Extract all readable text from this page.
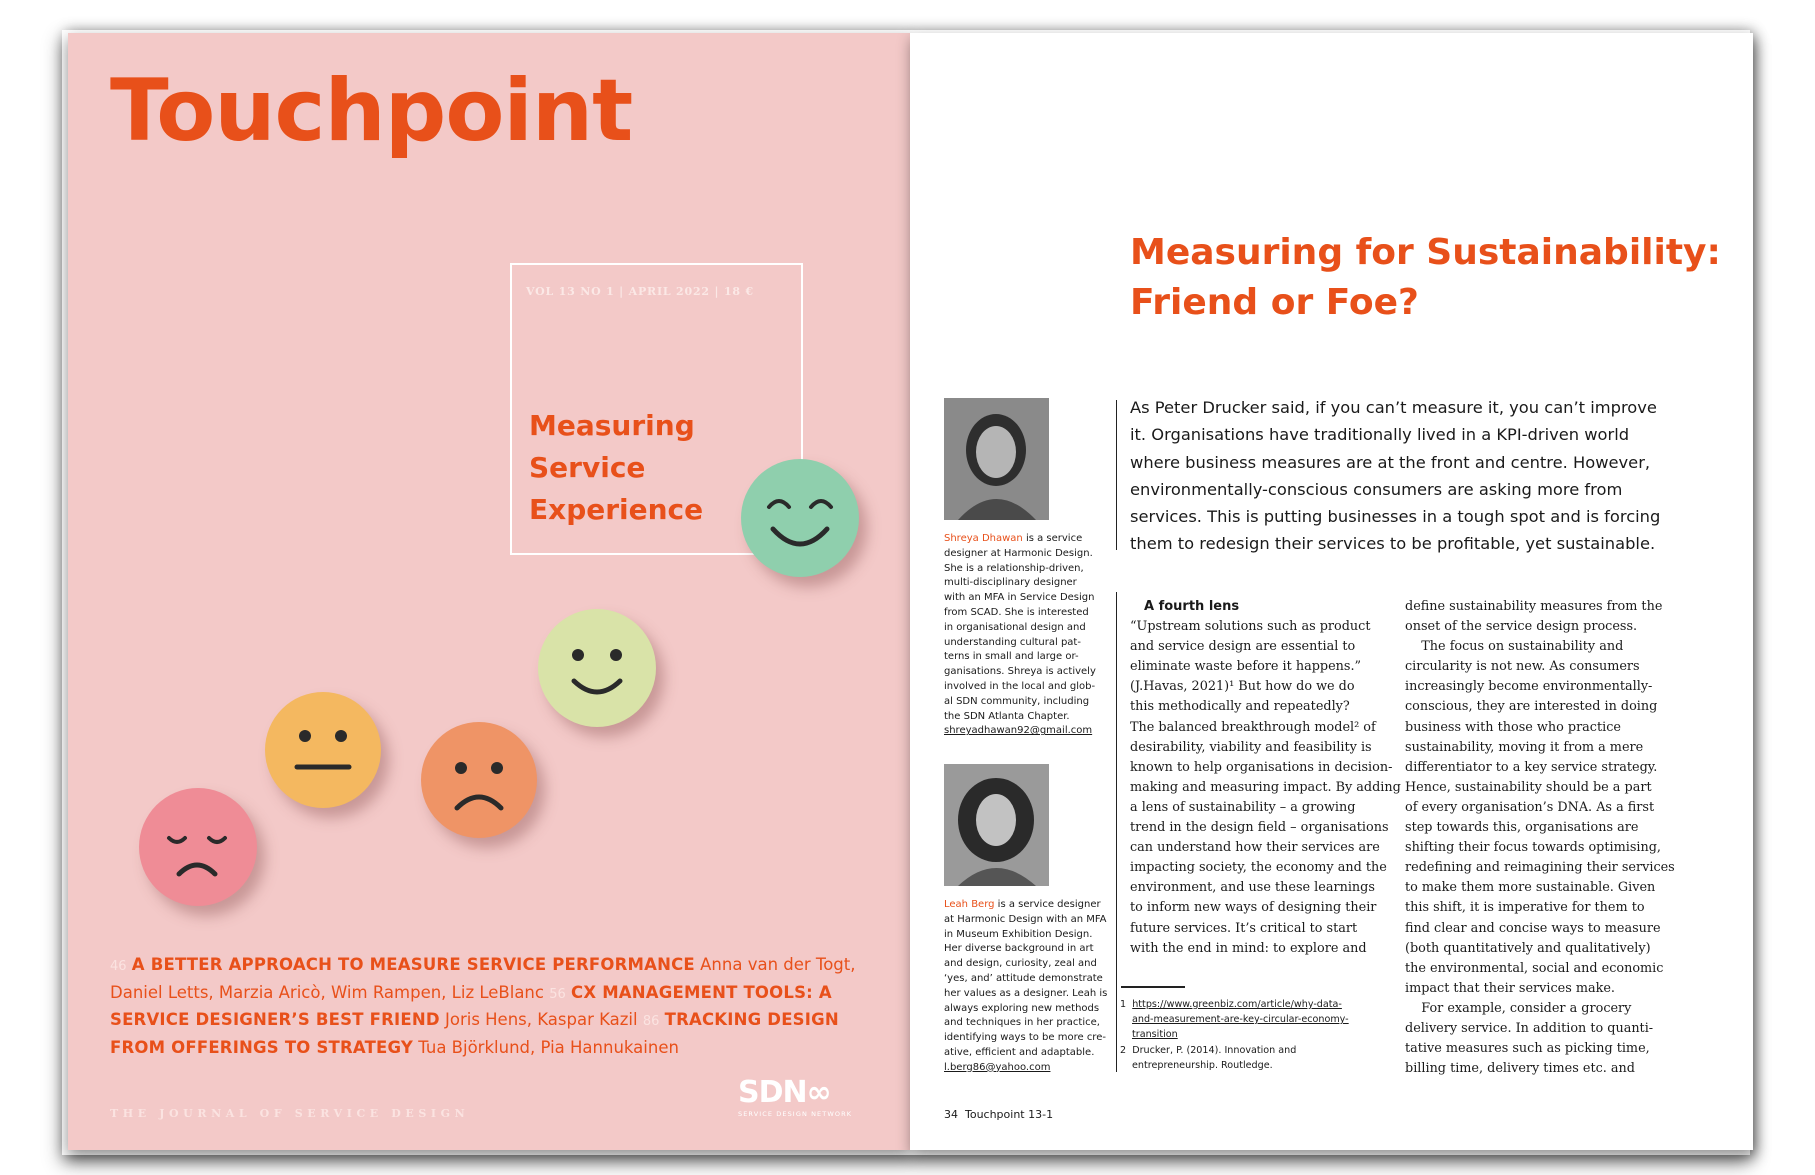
Touchpoint
VOL 13 NO 1 | APRIL 2022 | 18 €
Measuring
Service
Experience
46 A BETTER APPROACH TO MEASURE SERVICE PERFORMANCE Anna van der Togt, Daniel Letts, Marzia Aricò, Wim Rampen, Liz LeBlanc 56 CX MANAGEMENT TOOLS: A SERVICE DESIGNER’S BEST FRIEND Joris Hens, Kaspar Kazil 86 TRACKING DESIGN FROM OFFERINGS TO STRATEGY Tua Björklund, Pia Hannukainen
THE JOURNAL OF SERVICE DESIGN
SDN∞
SERVICE DESIGN NETWORK
Measuring for Sustainability:
Friend or Foe?
Shreya Dhawan is a service
designer at Harmonic Design.
She is a relationship-driven,
multi-disciplinary designer
with an MFA in Service Design
from SCAD. She is interested
in organisational design and
understanding cultural pat-
terns in small and large or-
ganisations. Shreya is actively
involved in the local and glob-
al SDN community, including
the SDN Atlanta Chapter.
shreyadhawan92@gmail.com
Leah Berg is a service designer
at Harmonic Design with an MFA
in Museum Exhibition Design.
Her diverse background in art
and design, curiosity, zeal and
‘yes, and’ attitude demonstrate
her values as a designer. Leah is
always exploring new methods
and techniques in her practice,
identifying ways to be more cre-
ative, efficient and adaptable.
l.berg86@yahoo.com
As Peter Drucker said, if you can’t measure it, you can’t improve
it. Organisations have traditionally lived in a KPI-driven world
where business measures are at the front and centre. However,
environmentally-conscious consumers are asking more from
services. This is putting businesses in a tough spot and is forcing
them to redesign their services to be profitable, yet sustainable.
A fourth lens
“Upstream solutions such as product
and service design are essential to
eliminate waste before it happens.”
(J.Havas, 2021)¹ But how do we do
this methodically and repeatedly?
The balanced breakthrough model² of
desirability, viability and feasibility is
known to help organisations in decision-
making and measuring impact. By adding
a lens of sustainability – a growing
trend in the design field – organisations
can understand how their services are
impacting society, the economy and the
environment, and use these learnings
to inform new ways of designing their
future services. It’s critical to start
with the end in mind: to explore and
define sustainability measures from the
onset of the service design process.
The focus on sustainability and
circularity is not new. As consumers
increasingly become environmentally-
conscious, they are interested in doing
business with those who practice
sustainability, moving it from a mere
differentiator to a key service strategy.
Hence, sustainability should be a part
of every organisation’s DNA. As a first
step towards this, organisations are
shifting their focus towards optimising,
redefining and reimagining their services
to make them more sustainable. Given
this shift, it is imperative for them to
find clear and concise ways to measure
(both quantitatively and qualitatively)
the environmental, social and economic
impact that their services make.
For example, consider a grocery
delivery service. In addition to quanti-
tative measures such as picking time,
billing time, delivery times etc. and
1 https://www.greenbiz.com/article/why-data-
and-measurement-are-key-circular-economy-
transition
2 Drucker, P. (2014). Innovation and
entrepreneurship. Routledge.
34  Touchpoint 13-1
